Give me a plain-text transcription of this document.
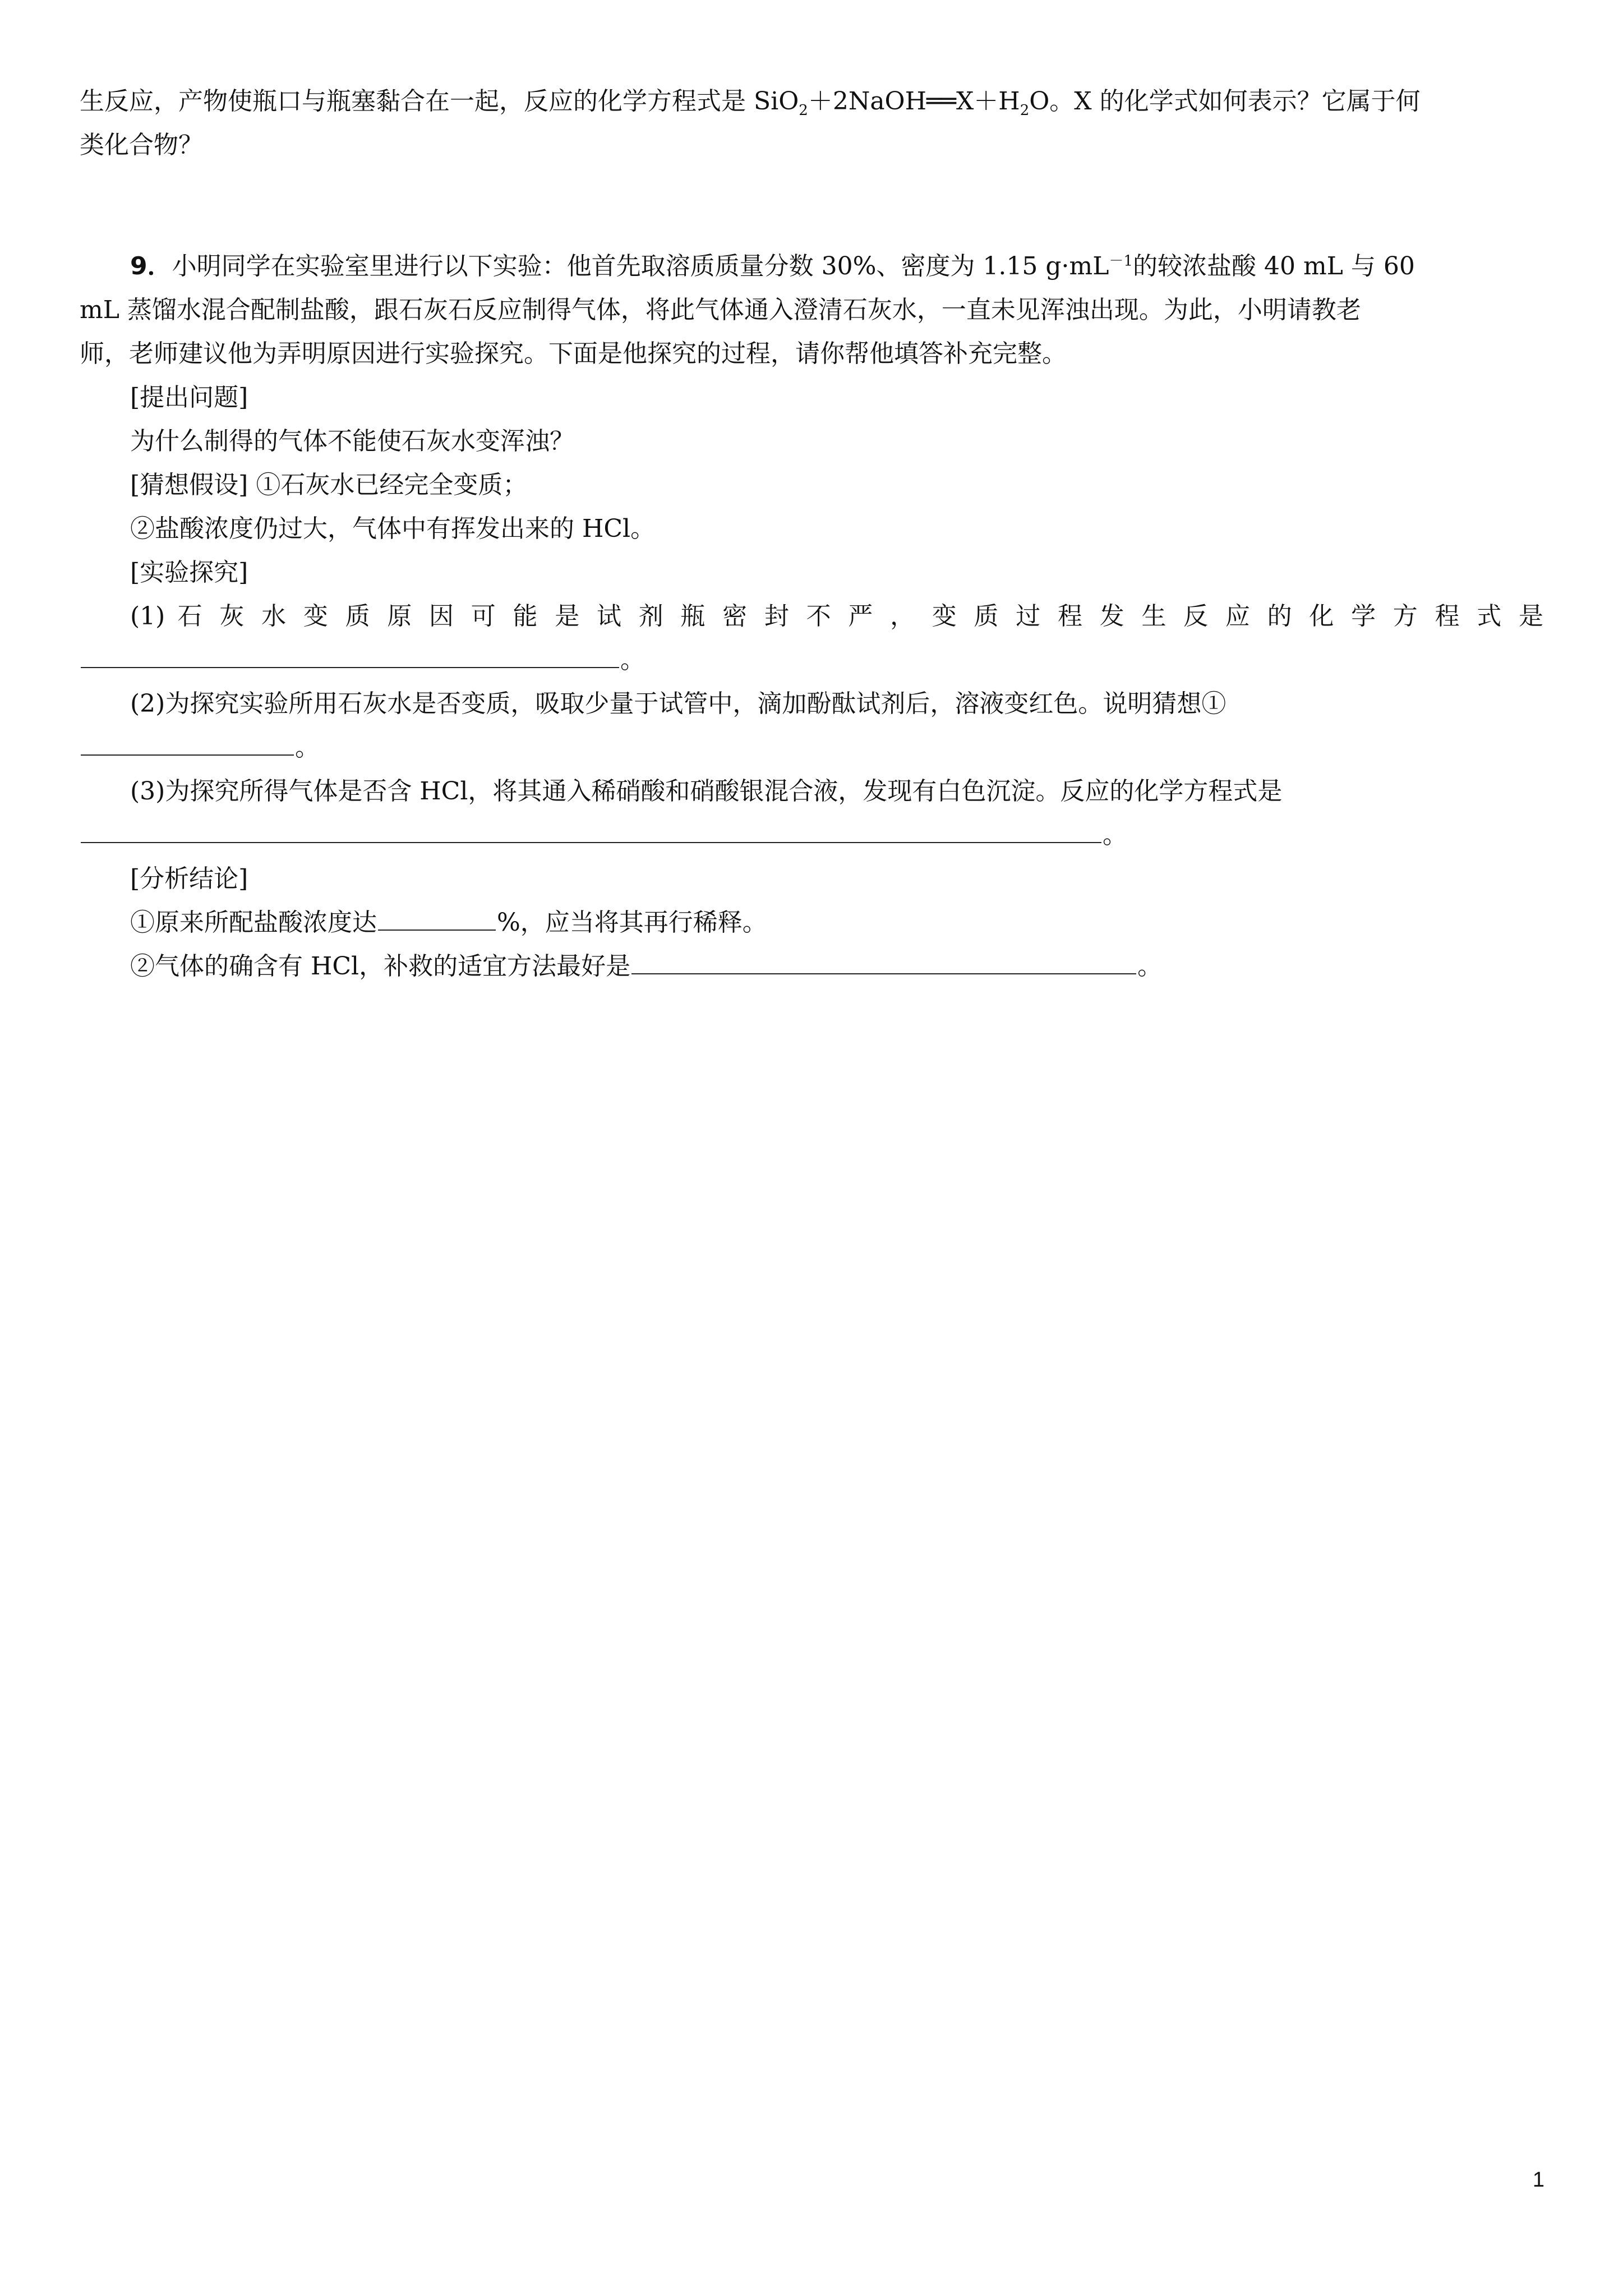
生反应，产物使瓶口与瓶塞黏合在一起，反应的化学方程式是 $SiO_2+2NaOH══X+H_2O$。X 的化学式如何表示？它属于何
类化合物？
9．小明同学在实验室里进行以下实验：他首先取溶质质量分数 30%、密度为 1.15 $g\cdot mL^{-1}$的较浓盐酸 40 mL 与 60
mL 蒸馏水混合配制盐酸，跟石灰石反应制得气体，将此气体通入澄清石灰水，一直未见浑浊出现。为此，小明请教老
师，老师建议他为弄明原因进行实验探究。下面是他探究的过程，请你帮他填答补充完整。
[提出问题]
为什么制得的气体不能使石灰水变浑浊？
[猜想假设] ①石灰水已经完全变质；
②盐酸浓度仍过大，气体中有挥发出来的 HCl。
[实验探究]
(1) 石 灰 水 变 质 原 因 可 能 是 试 剂 瓶 密 封 不 严 ， 变 质 过 程 发 生 反 应 的 化 学 方 程 式 是
。
(2)为探究实验所用石灰水是否变质，吸取少量于试管中，滴加酚酞试剂后，溶液变红色。说明猜想①
。
(3)为探究所得气体是否含 HCl，将其通入稀硝酸和硝酸银混合液，发现有白色沉淀。反应的化学方程式是
。
[分析结论]
①原来所配盐酸浓度达	%，应当将其再行稀释。
②气体的确含有 HCl，补救的适宜方法最好是	。
1
